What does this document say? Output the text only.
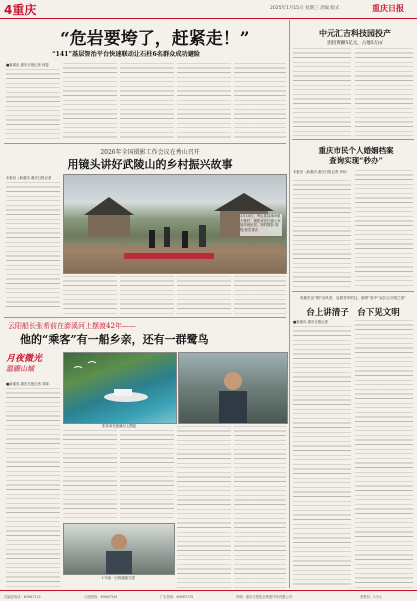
4重庆	2025年1月15日 星期三 责编 版式	重庆日报
“危岩要垮了，赶紧走！”
“141”基层智治平台快速联动让石柱6名群众成功避险
■新重庆-重庆日报记者 何春
中元汇吉科技园投产
团投资额5亿元，占地3万㎡
重庆市民个人婚姻档案查询实现“秒办”
本报讯（新重庆-重庆日报记者 李珩）
英雄杰出“钢”出风采，启源芳华的社，源拼“泰中”双区合文明之旅”
台上讲清子　台下见文明
■新重庆-重庆日报记者
2026年全国摄影工作会议在秀山召开
用镜头讲好武陵山的乡村振兴故事
本报讯（新重庆-重庆日报记者
1月14日，秀山县清溪场镇大寨村，摄影家在拍摄土家族传统民居。特约摄影 胡程/视觉重庆
云阳船长张希前在澎溪河上摆渡42年——
他的“乘客”有一船乡亲，还有一群鹭鸟
月夜微光
温暖山城
■新重庆-重庆日报记者 刘翠
张希前在澎溪河上摆渡
十年如一日的渡船守望
总编室电话：63907115	订阅热线：63907345	广告热线：63907175	印刷：重庆日报报业集团印务有限公司	零售价：1.5元
